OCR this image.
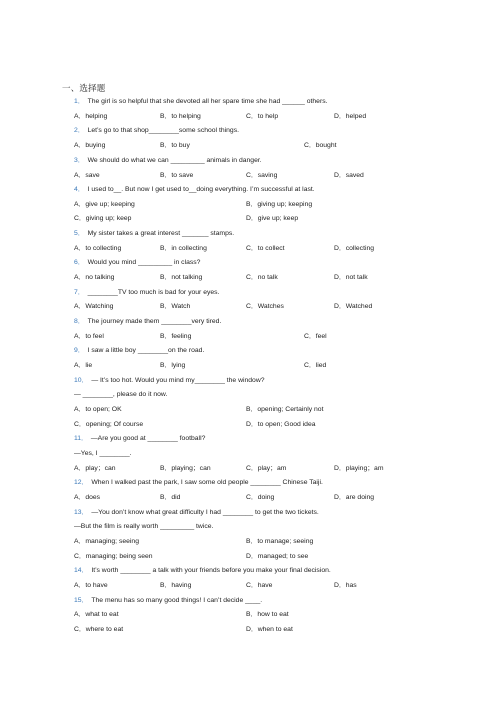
一、选择题
1． The girl is so helpful that she devoted all her spare time she had ______ others.
A．helping	B．to helping	C．to help	D．helped
2． Let’s go to that shop________some school things.
A．buying	B．to buy	C．bought
3． We should do what we can _________ animals in danger.
A．save	B．to save	C．saving	D．saved
4． I used to__. But now I get used to__doing everything. I’m successful at last.
A．give up; keeping	B．giving up; keeping
C．giving up; keep	D．give up; keep
5． My sister takes a great interest _______ stamps.
A．to collecting	B．in collecting	C．to collect	D．collecting
6． Would you mind _________ in class?
A．no talking	B．not talking	C．no talk	D．not talk
7． ________TV too much is bad for your eyes.
A．Watching	B．Watch	C．Watches	D．Watched
8． The journey made them ________very tired.
A．to feel	B．feeling	C．feel
9． I saw a little boy ________on the road.
A．lie	B．lying	C．lied
10． — It’s too hot. Would you mind my________ the window?
— ________, please do it now.
A．to open; OK	B．opening; Certainly not
C．opening; Of course	D．to open; Good idea
11． —Are you good at ________ football?
—Yes, I ________.
A．play；can	B．playing；can	C．play；am	D．playing；am
12． When I walked past the park, I saw some old people ________ Chinese Taiji.
A．does	B．did	C．doing	D．are doing
13． —You don’t know what great difficulty I had ________ to get the two tickets.
—But the film is really worth _________ twice.
A．managing; seeing	B．to manage; seeing
C．managing; being seen	D．managed; to see
14． It’s worth ________ a talk with your friends before you make your final decision.
A．to have	B．having	C．have	D．has
15． The menu has so many good things! I can’t decide ____.
A．what to eat	B．how to eat
C．where to eat	D．when to eat
